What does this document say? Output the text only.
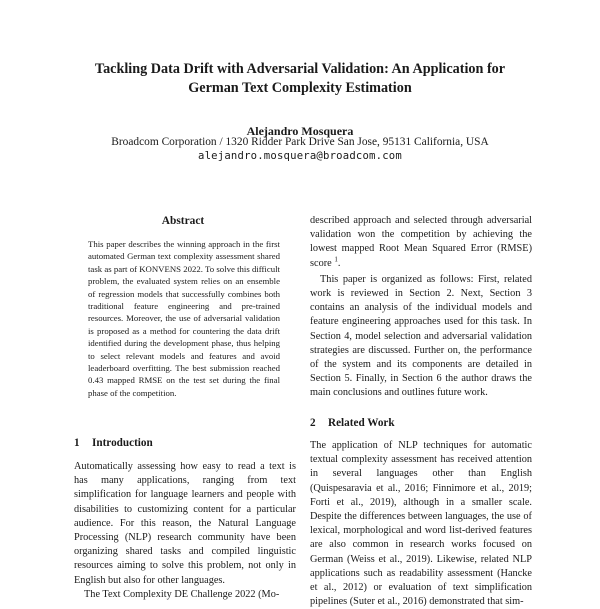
Tackling Data Drift with Adversarial Validation: An Application for
German Text Complexity Estimation
Alejandro Mosquera
Broadcom Corporation / 1320 Ridder Park Drive San Jose, 95131 California, USA
alejandro.mosquera@broadcom.com
Abstract
This paper describes the winning approach in the first automated German text complexity assessment shared task as part of KONVENS 2022. To solve this difficult problem, the evaluated system relies on an ensemble of regression models that successfully combines both traditional feature engineering and pre-trained resources. Moreover, the use of adversarial validation is proposed as a method for countering the data drift identified during the development phase, thus helping to select relevant models and features and avoid leaderboard overfitting. The best submission reached 0.43 mapped RMSE on the test set during the final phase of the competition.
1 Introduction

Automatically assessing how easy to read a text is has many applications, ranging from text simplification for language learners and people with disabilities to customizing content for a particular audience. For this reason, the Natural Language Processing (NLP) research community have been organizing shared tasks and compiled linguistic resources aiming to solve this problem, not only in English but also for other languages.

The Text Complexity DE Challenge 2022 (Mo-

described approach and selected through adversarial validation won the competition by achieving the lowest mapped Root Mean Squared Error (RMSE) score $^1$.

This paper is organized as follows: First, related work is reviewed in Section 2. Next, Section 3 contains an analysis of the individual models and feature engineering approaches used for this task. In Section 4, model selection and adversarial validation strategies are discussed. Further on, the performance of the system and its components are detailed in Section 5. Finally, in Section 6 the author draws the main conclusions and outlines future work.

2 Related Work
The application of NLP techniques for automatic textual complexity assessment has received attention in several languages other than English (Quispesaravia et al., 2016; Finnimore et al., 2019; Forti et al., 2019), although in a smaller scale. Despite the differences between languages, the use of lexical, morphological and word list-derived features are also common in research works focused on German (Weiss et al., 2019). Likewise, related NLP applications such as readability assessment (Hancke et al., 2012) or evaluation of text simplification pipelines (Suter et al., 2016) demonstrated that sim-
